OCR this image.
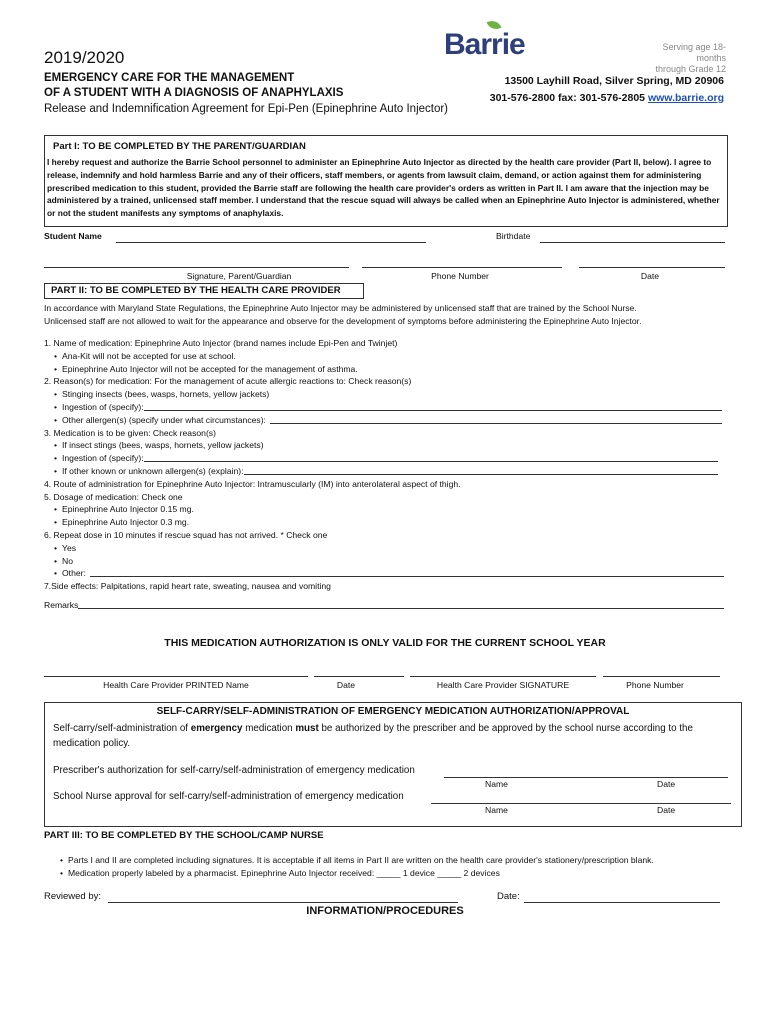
2019/2020
EMERGENCY CARE FOR THE MANAGEMENT
OF A STUDENT WITH A DIAGNOSIS OF ANAPHYLAXIS
Release and Indemnification Agreement for Epi-Pen (Epinephrine Auto Injector)
Barrie	Serving age 18-months
through Grade 12
13500 Layhill Road, Silver Spring, MD 20906
301-576-2800 fax: 301-576-2805 www.barrie.org
Part I: TO BE COMPLETED BY THE PARENT/GUARDIAN
I hereby request and authorize the Barrie School personnel to administer an Epinephrine Auto Injector as directed by the health care provider (Part II, below). I agree to release, indemnify and hold harmless Barrie and any of their officers, staff members, or agents from lawsuit claim, demand, or action against them for administering prescribed medication to this student, provided the Barrie staff are following the health care provider's orders as written in Part II. I am aware that the injection may be administered by a trained, unlicensed staff member. I understand that the rescue squad will always be called when an Epinephrine Auto Injector is administered, whether or not the student manifests any symptoms of anaphylaxis.
Student Name	Birthdate
Signature, Parent/Guardian	Phone Number	Date
PART II: TO BE COMPLETED BY THE HEALTH CARE PROVIDER
In accordance with Maryland State Regulations, the Epinephrine Auto Injector may be administered by unlicensed staff that are trained by the School Nurse.
Unlicensed staff are not allowed to wait for the appearance and observe for the development of symptoms before administering the Epinephrine Auto Injector.
1. Name of medication: Epinephrine Auto Injector (brand names include Epi-Pen and Twinjet)
• Ana-Kit will not be accepted for use at school.
• Epinephrine Auto Injector will not be accepted for the management of asthma.
2. Reason(s) for medication: For the management of acute allergic reactions to: Check reason(s)
• Stinging insects (bees, wasps, hornets, yellow jackets)
• Ingestion of (specify):
• Other allergen(s) (specify under what circumstances):
3. Medication is to be given: Check reason(s)
• If insect stings (bees, wasps, hornets, yellow jackets)
• Ingestion of (specify):
• If other known or unknown allergen(s) (explain):
4. Route of administration for Epinephrine Auto Injector: Intramuscularly (IM) into anterolateral aspect of thigh.
5. Dosage of medication: Check one
• Epinephrine Auto Injector 0.15 mg.
• Epinephrine Auto Injector 0.3 mg.
6. Repeat dose in 10 minutes if rescue squad has not arrived. * Check one
• Yes
• No
• Other:
7.Side effects: Palpitations, rapid heart rate, sweating, nausea and vomiting
Remarks
THIS MEDICATION AUTHORIZATION IS ONLY VALID FOR THE CURRENT SCHOOL YEAR
Health Care Provider PRINTED Name	Date	Health Care Provider SIGNATURE	Phone Number
SELF-CARRY/SELF-ADMINISTRATION OF EMERGENCY MEDICATION AUTHORIZATION/APPROVAL
Self-carry/self-administration of emergency medication must be authorized by the prescriber and be approved by the school nurse according to the medication policy.
Prescriber's authorization for self-carry/self-administration of emergency medication
Name	Date
School Nurse approval for self-carry/self-administration of emergency medication
Name	Date
PART III: TO BE COMPLETED BY THE SCHOOL/CAMP NURSE
• Parts I and II are completed including signatures. It is acceptable if all items in Part II are written on the health care provider's stationery/prescription blank.
• Medication properly labeled by a pharmacist. Epinephrine Auto Injector received: _____ 1 device _____ 2 devices
Reviewed by:	Date:
INFORMATION/PROCEDURES
